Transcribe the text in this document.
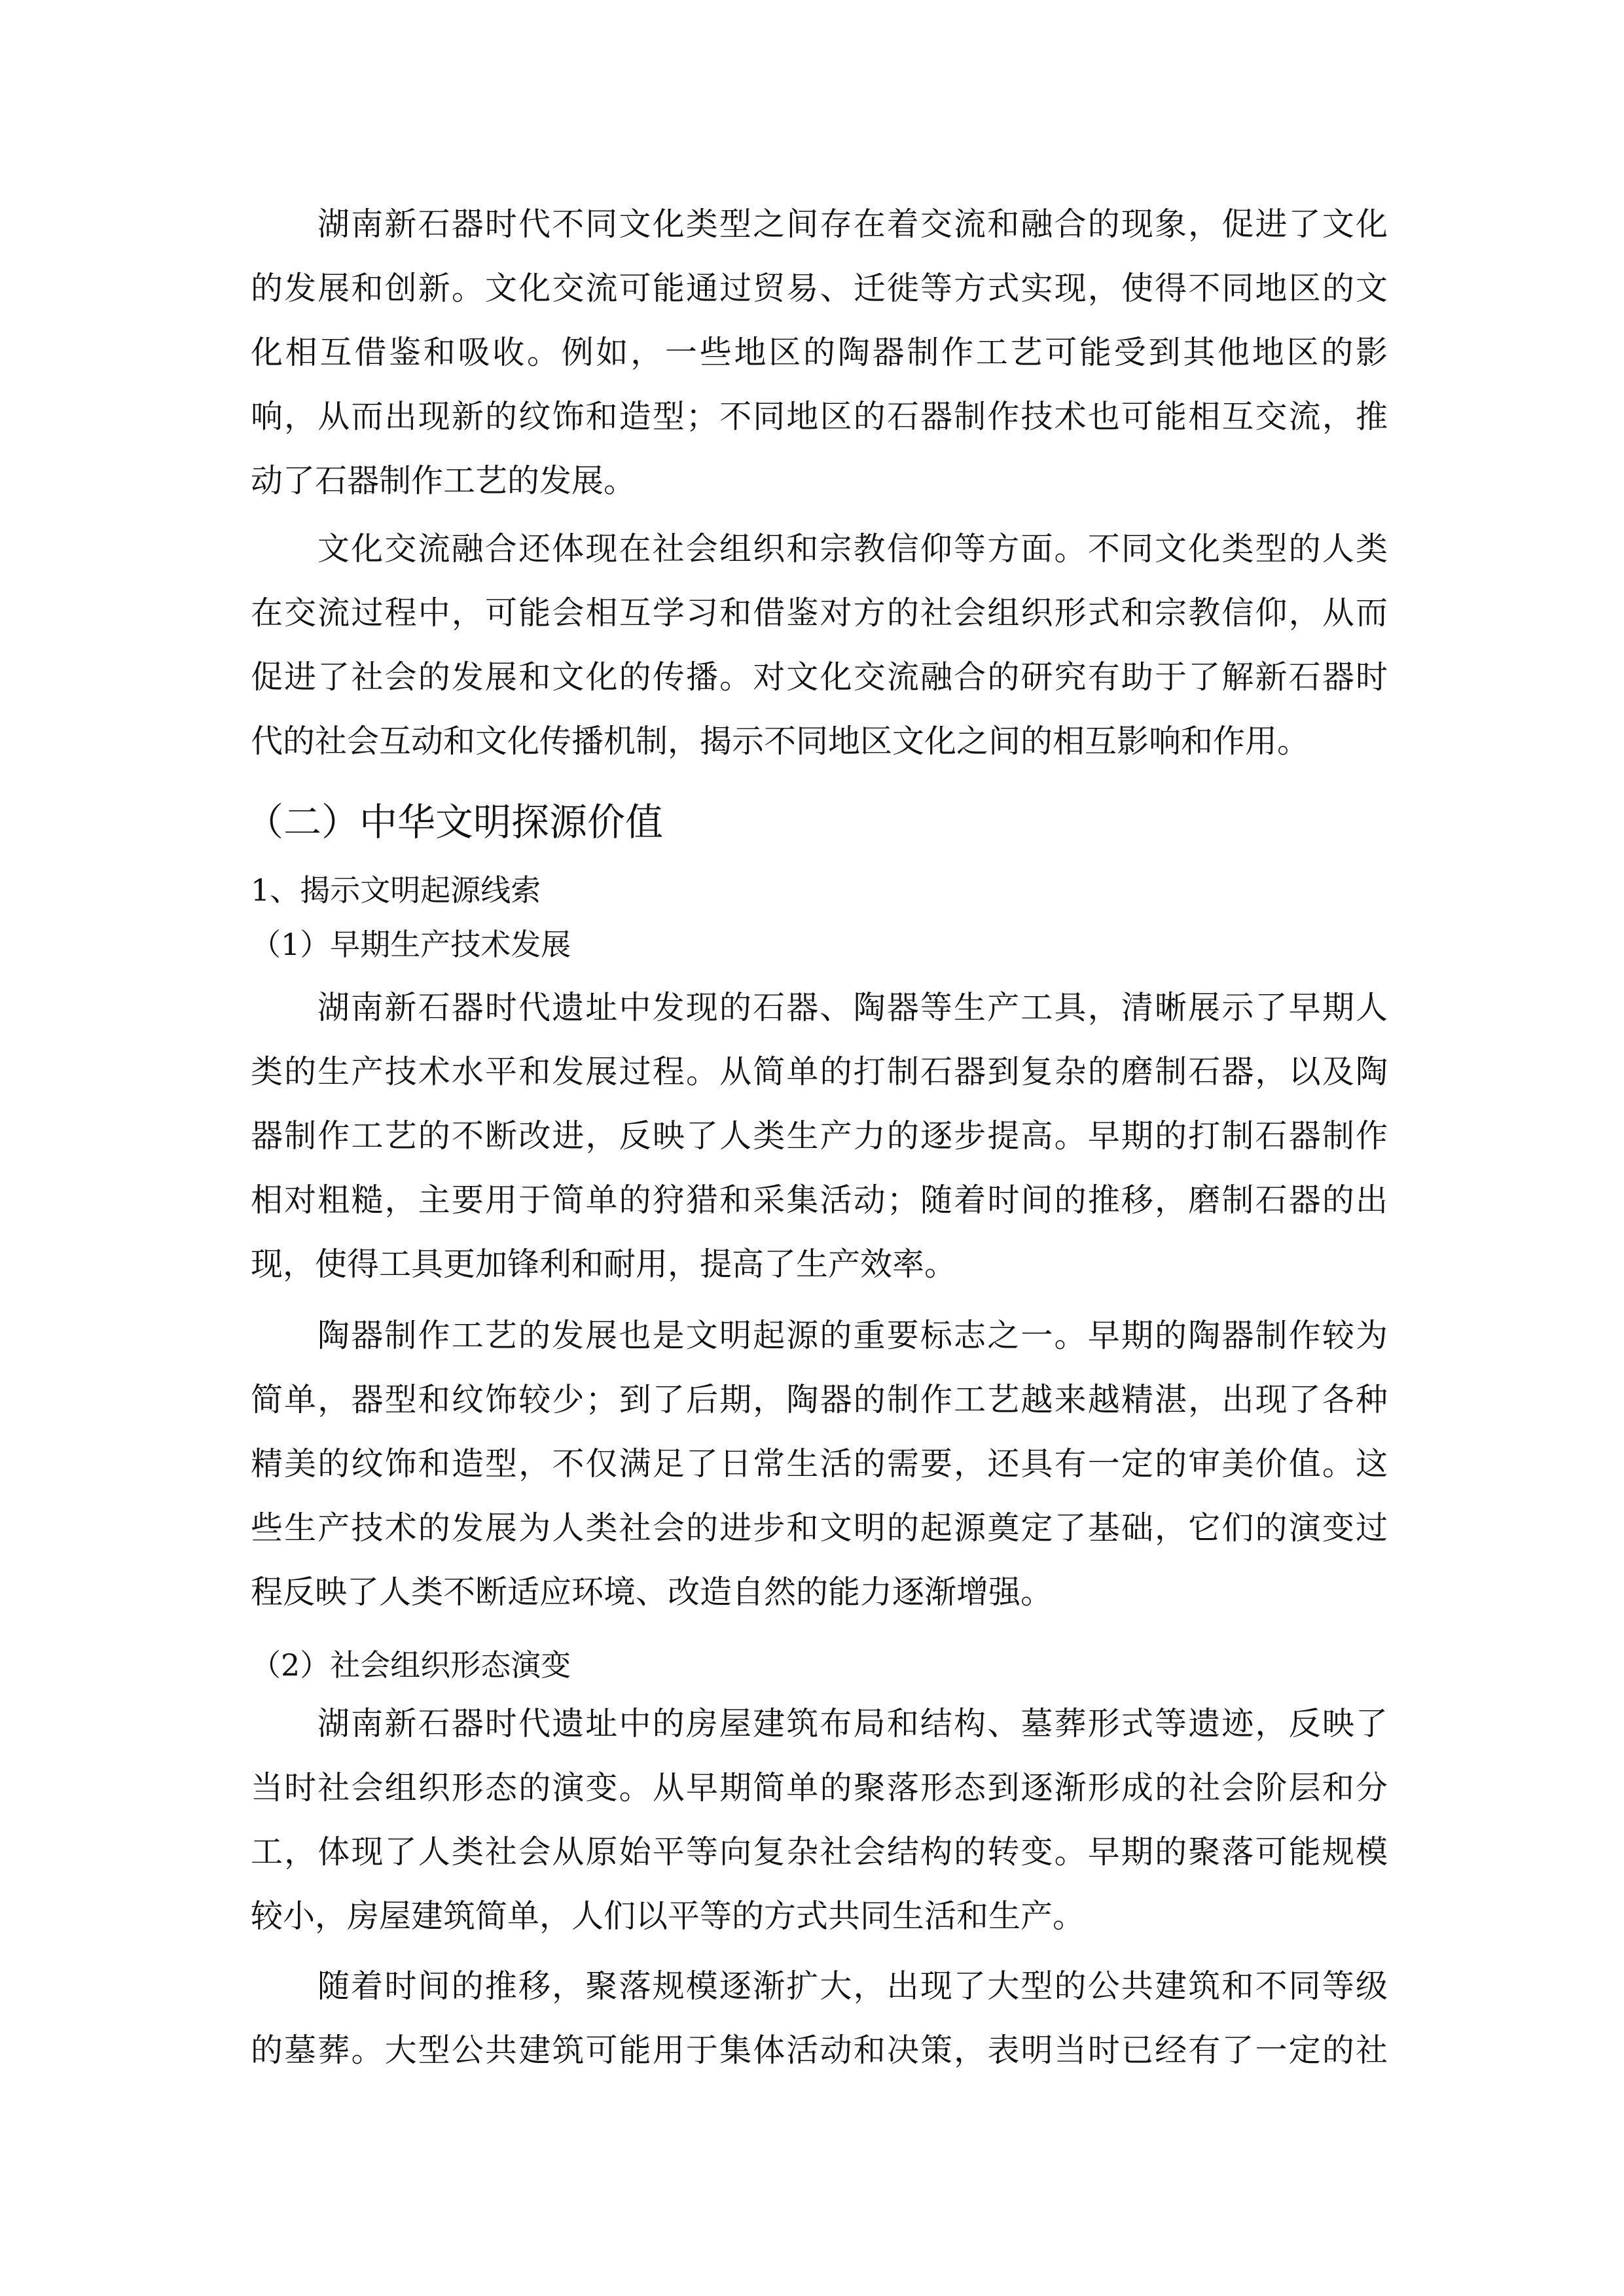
湖南新石器时代不同文化类型之间存在着交流和融合的现象，促进了文化
的发展和创新。文化交流可能通过贸易、迁徙等方式实现，使得不同地区的文
化相互借鉴和吸收。例如，一些地区的陶器制作工艺可能受到其他地区的影
响，从而出现新的纹饰和造型；不同地区的石器制作技术也可能相互交流，推
动了石器制作工艺的发展。
文化交流融合还体现在社会组织和宗教信仰等方面。不同文化类型的人类
在交流过程中，可能会相互学习和借鉴对方的社会组织形式和宗教信仰，从而
促进了社会的发展和文化的传播。对文化交流融合的研究有助于了解新石器时
代的社会互动和文化传播机制，揭示不同地区文化之间的相互影响和作用。
（二）中华文明探源价值
1、揭示文明起源线索
（1）早期生产技术发展
湖南新石器时代遗址中发现的石器、陶器等生产工具，清晰展示了早期人
类的生产技术水平和发展过程。从简单的打制石器到复杂的磨制石器，以及陶
器制作工艺的不断改进，反映了人类生产力的逐步提高。早期的打制石器制作
相对粗糙，主要用于简单的狩猎和采集活动；随着时间的推移，磨制石器的出
现，使得工具更加锋利和耐用，提高了生产效率。
陶器制作工艺的发展也是文明起源的重要标志之一。早期的陶器制作较为
简单，器型和纹饰较少；到了后期，陶器的制作工艺越来越精湛，出现了各种
精美的纹饰和造型，不仅满足了日常生活的需要，还具有一定的审美价值。这
些生产技术的发展为人类社会的进步和文明的起源奠定了基础，它们的演变过
程反映了人类不断适应环境、改造自然的能力逐渐增强。
（2）社会组织形态演变
湖南新石器时代遗址中的房屋建筑布局和结构、墓葬形式等遗迹，反映了
当时社会组织形态的演变。从早期简单的聚落形态到逐渐形成的社会阶层和分
工，体现了人类社会从原始平等向复杂社会结构的转变。早期的聚落可能规模
较小，房屋建筑简单，人们以平等的方式共同生活和生产。
随着时间的推移，聚落规模逐渐扩大，出现了大型的公共建筑和不同等级
的墓葬。大型公共建筑可能用于集体活动和决策，表明当时已经有了一定的社
